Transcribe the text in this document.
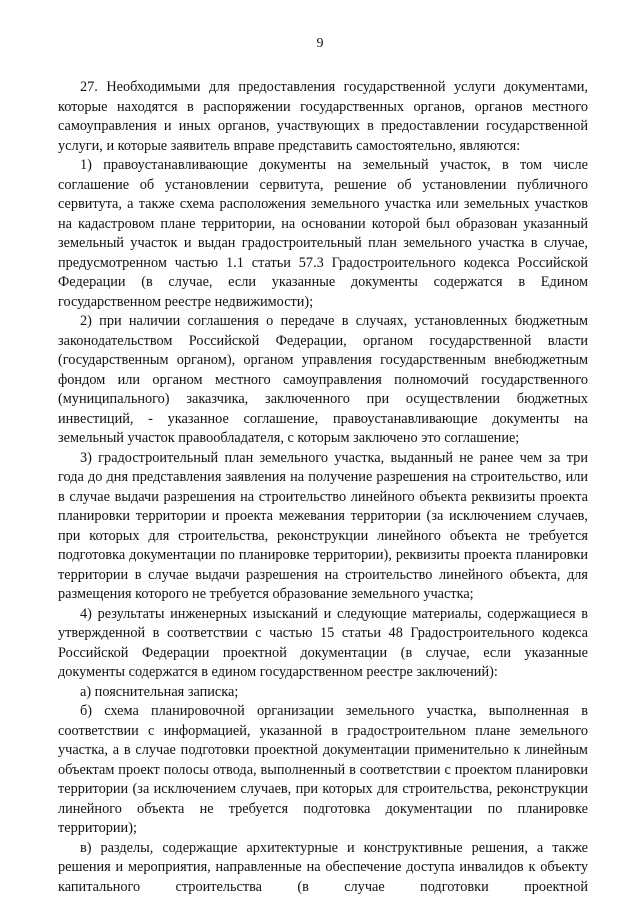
9

27. Необходимыми для предоставления государственной услуги документами, которые находятся в распоряжении государственных органов, органов местного самоуправления и иных органов, участвующих в предоставлении государственной услуги, и которые заявитель вправе представить самостоятельно, являются:

1) правоустанавливающие документы на земельный участок, в том числе соглашение об установлении сервитута, решение об установлении публичного сервитута, а также схема расположения земельного участка или земельных участков на кадастровом плане территории, на основании которой был образован указанный земельный участок и выдан градостроительный план земельного участка в случае, предусмотренном частью 1.1 статьи 57.3 Градостроительного кодекса Российской Федерации (в случае, если указанные документы содержатся в Едином государственном реестре недвижимости);

2) при наличии соглашения о передаче в случаях, установленных бюджетным законодательством Российской Федерации, органом государственной власти (государственным органом), органом управления государственным внебюджетным фондом или органом местного самоуправления полномочий государственного (муниципального) заказчика, заключенного при осуществлении бюджетных инвестиций, - указанное соглашение, правоустанавливающие документы на земельный участок правообладателя, с которым заключено это соглашение;

3) градостроительный план земельного участка, выданный не ранее чем за три года до дня представления заявления на получение разрешения на строительство, или в случае выдачи разрешения на строительство линейного объекта реквизиты проекта планировки территории и проекта межевания территории (за исключением случаев, при которых для строительства, реконструкции линейного объекта не требуется подготовка документации по планировке территории), реквизиты проекта планировки территории в случае выдачи разрешения на строительство линейного объекта, для размещения которого не требуется образование земельного участка;

4) результаты инженерных изысканий и следующие материалы, содержащиеся в утвержденной в соответствии с частью 15 статьи 48 Градостроительного кодекса Российской Федерации проектной документации (в случае, если указанные документы содержатся в едином государственном реестре заключений):

а) пояснительная записка;

б) схема планировочной организации земельного участка, выполненная в соответствии с информацией, указанной в градостроительном плане земельного участка, а в случае подготовки проектной документации применительно к линейным объектам проект полосы отвода, выполненный в соответствии с проектом планировки территории (за исключением случаев, при которых для строительства, реконструкции линейного объекта не требуется подготовка документации по планировке территории);

в) разделы, содержащие архитектурные и конструктивные решения, а также решения и мероприятия, направленные на обеспечение доступа инвалидов к объекту капитального строительства (в случае подготовки проектной
